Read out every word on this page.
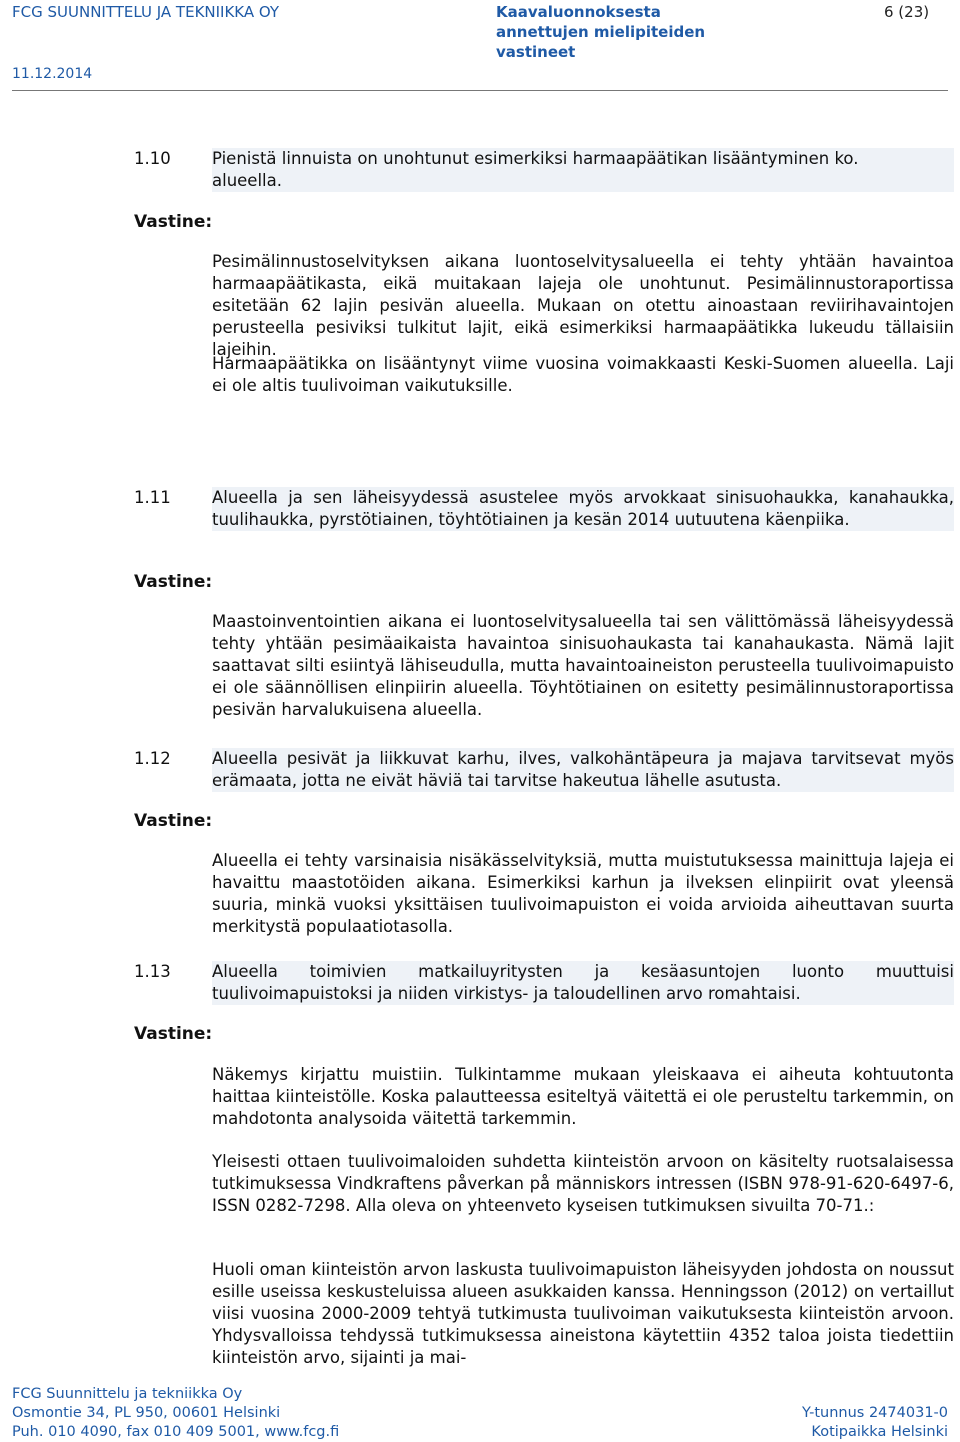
FCG SUUNNITTELU JA TEKNIIKKA OY	Kaavaluonnoksesta annettujen mielipiteiden vastineet
6 (23)
11.12.2014
1.10	Pienistä linnuista on unohtunut esimerkiksi harmaapäätikan lisääntyminen ko.
alueella.
Vastine:
Pesimälinnustoselvityksen aikana luontoselvitysalueella ei tehty yhtään havaintoa harmaapäätikasta, eikä muitakaan lajeja ole unohtunut. Pesimälinnustoraportissa esitetään 62 lajin pesivän alueella. Mukaan on otettu ainoastaan reviirihavaintojen perusteella pesiviksi tulkitut lajit, eikä esimerkiksi harmaapäätikka lukeudu tällaisiin lajeihin.
Harmaapäätikka on lisääntynyt viime vuosina voimakkaasti Keski-Suomen alueella. Laji ei ole altis tuulivoiman vaikutuksille.
1.11	Alueella ja sen läheisyydessä asustelee myös arvokkaat sinisuohaukka, kanahaukka, tuulihaukka, pyrstötiainen, töyhtötiainen ja kesän 2014 uutuutena käenpiika.
Vastine:
Maastoinventointien aikana ei luontoselvitysalueella tai sen välittömässä läheisyydessä tehty yhtään pesimäaikaista havaintoa sinisuohaukasta tai kanahaukasta. Nämä lajit saattavat silti esiintyä lähiseudulla, mutta havaintoaineiston perusteella tuulivoimapuisto ei ole säännöllisen elinpiirin alueella. Töyhtötiainen on esitetty pesimälinnustoraportissa pesivän harvalukuisena alueella.
1.12	Alueella pesivät ja liikkuvat karhu, ilves, valkohäntäpeura ja majava tarvitsevat myös erämaata, jotta ne eivät häviä tai tarvitse hakeutua lähelle asutusta.
Vastine:
Alueella ei tehty varsinaisia nisäkässelvityksiä, mutta muistutuksessa mainittuja lajeja ei havaittu maastotöiden aikana. Esimerkiksi karhun ja ilveksen elinpiirit ovat yleensä suuria, minkä vuoksi yksittäisen tuulivoimapuiston ei voida arvioida aiheuttavan suurta merkitystä populaatiotasolla.
1.13	Alueella toimivien matkailuyritysten ja kesäasuntojen luonto muuttuisi tuulivoimapuistoksi ja niiden virkistys- ja taloudellinen arvo romahtaisi.
Vastine:
Näkemys kirjattu muistiin. Tulkintamme mukaan yleiskaava ei aiheuta kohtuutonta haittaa kiinteistölle. Koska palautteessa esiteltyä väitettä ei ole perusteltu tarkemmin, on mahdotonta analysoida väitettä tarkemmin.
Yleisesti ottaen tuulivoimaloiden suhdetta kiinteistön arvoon on käsitelty ruotsalaisessa tutkimuksessa Vindkraftens påverkan på människors intressen (ISBN 978-91-620-6497-6, ISSN 0282-7298. Alla oleva on yhteenveto kyseisen tutkimuksen sivuilta 70-71.:
Huoli oman kiinteistön arvon laskusta tuulivoimapuiston läheisyyden johdosta on noussut esille useissa keskusteluissa alueen asukkaiden kanssa. Henningsson (2012) on vertaillut viisi vuosina 2000-2009 tehtyä tutkimusta tuulivoiman vaikutuksesta kiinteistön arvoon. Yhdysvalloissa tehdyssä tutkimuksessa aineistona käytettiin 4352 taloa joista tiedettiin kiinteistön arvo, sijainti ja mai-
FCG Suunnittelu ja tekniikka Oy
Osmontie 34, PL 950, 00601 Helsinki
Puh. 010 4090, fax 010 409 5001, www.fcg.fi
Y-tunnus 2474031-0
Kotipaikka Helsinki
